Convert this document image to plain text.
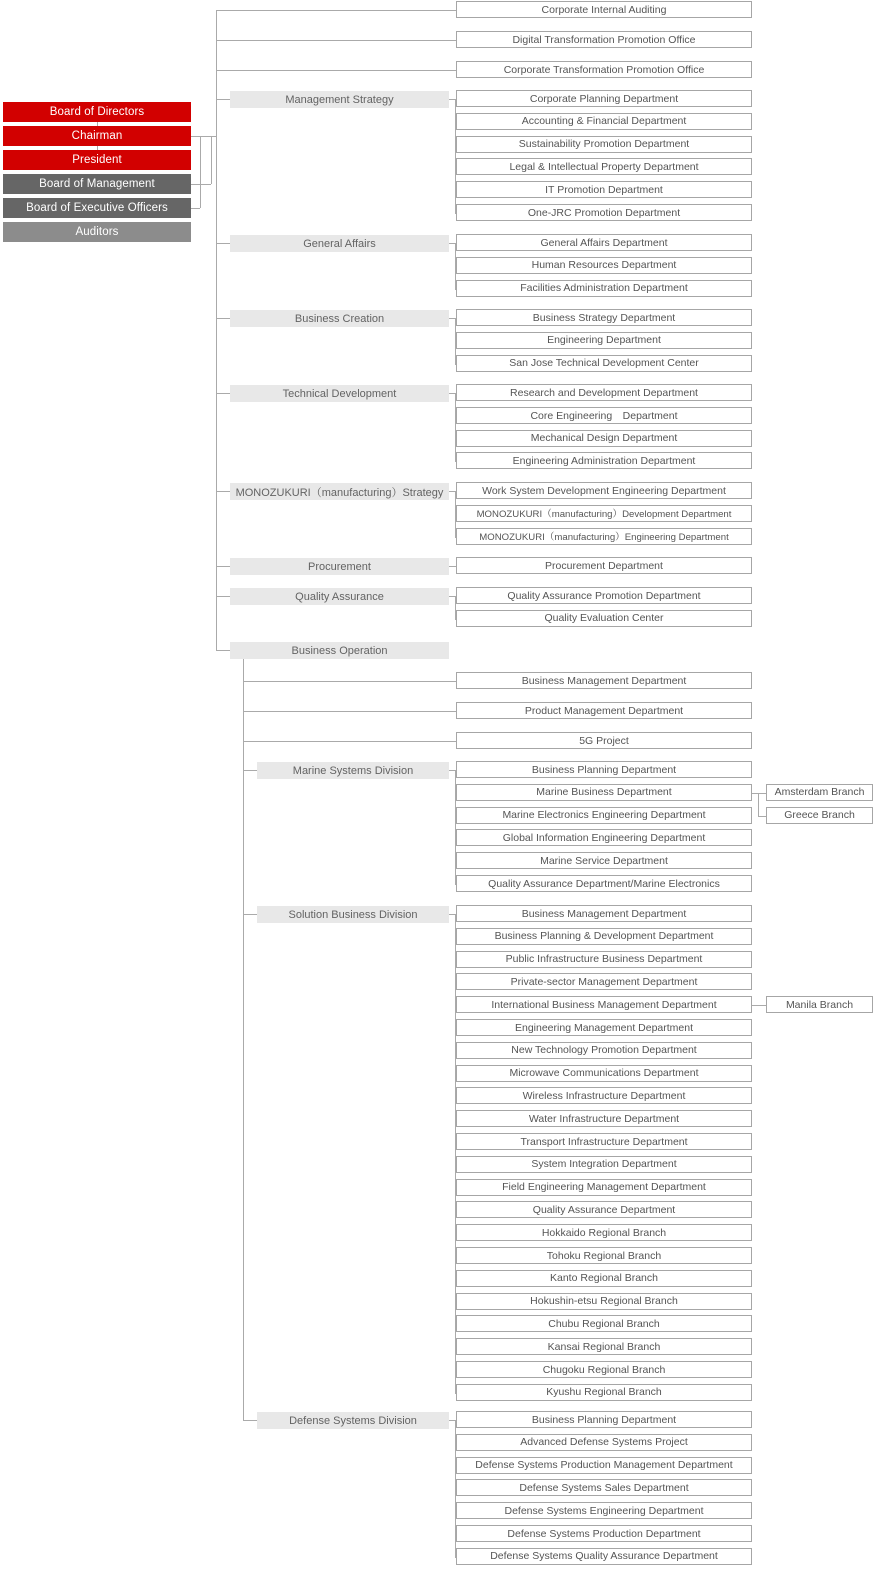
Board of Directors
Chairman
President
Board of Management
Board of Executive Officers
Auditors
Corporate Internal Auditing
Digital Transformation Promotion Office
Corporate Transformation Promotion Office
Management Strategy	Corporate Planning Department
Accounting & Financial Department
Sustainability Promotion Department
Legal & Intellectual Property Department
IT Promotion Department
One-JRC Promotion Department
General Affairs	General Affairs Department
Human Resources Department
Facilities Administration Department
Business Creation	Business Strategy Department
Engineering Department
San Jose Technical Development Center
Technical Development	Research and Development Department
Core Engineering　Department
Mechanical Design Department
Engineering Administration Department
MONOZUKURI（manufacturing）Strategy	Work System Development Engineering Department
MONOZUKURI（manufacturing）Development Department
MONOZUKURI（manufacturing）Engineering Department
Procurement	Procurement Department
Quality Assurance	Quality Assurance Promotion Department
Quality Evaluation Center
Business Operation
Business Management Department
Product Management Department
5G Project
Marine Systems Division	Business Planning Department
Marine Business Department	Amsterdam Branch
Greece Branch
Marine Electronics Engineering Department
Global Information Engineering Department
Marine Service Department
Quality Assurance Department/Marine Electronics
Solution Business Division	Business Management Department
Business Planning & Development Department
Public Infrastructure Business Department
Private-sector Management Department
International Business Management Department	Manila Branch
Engineering Management Department
New Technology Promotion Department
Microwave Communications Department
Wireless Infrastructure Department
Water Infrastructure Department
Transport Infrastructure Department
System Integration Department
Field Engineering Management Department
Quality Assurance Department
Hokkaido Regional Branch
Tohoku Regional Branch
Kanto Regional Branch
Hokushin-etsu Regional Branch
Chubu Regional Branch
Kansai Regional Branch
Chugoku Regional Branch
Kyushu Regional Branch
Defense Systems Division	Business Planning Department
Advanced Defense Systems Project
Defense Systems Production Management Department
Defense Systems Sales Department
Defense Systems Engineering Department
Defense Systems Production Department
Defense Systems Quality Assurance Department
